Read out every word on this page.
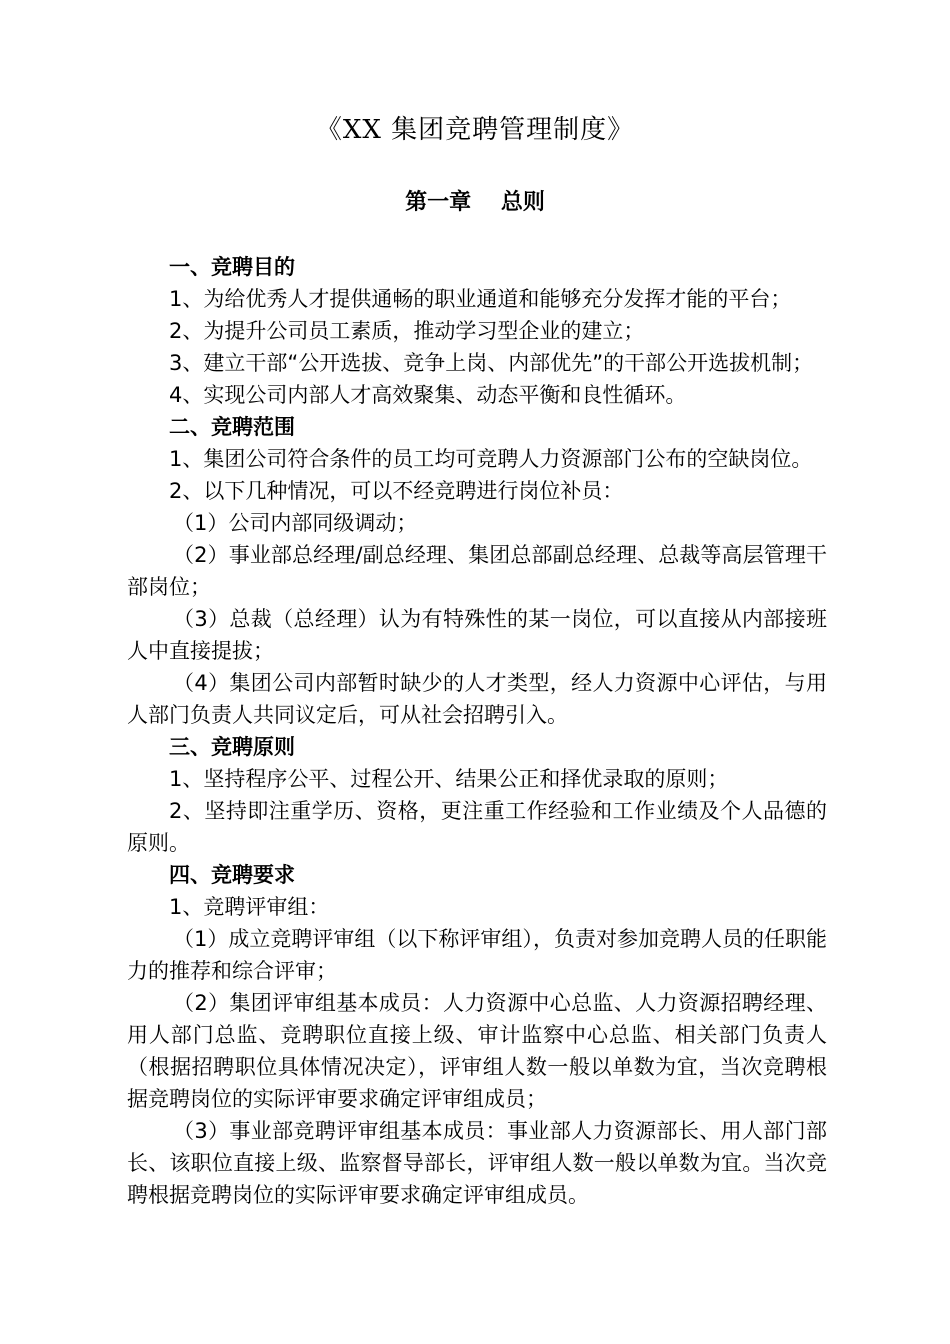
《XX 集团竞聘管理制度》
第一章　 总则
一、竞聘目的
1、为给优秀人才提供通畅的职业通道和能够充分发挥才能的平台；
2、为提升公司员工素质，推动学习型企业的建立；
3、建立干部“公开选拔、竞争上岗、内部优先”的干部公开选拔机制；
4、实现公司内部人才高效聚集、动态平衡和良性循环。
二、竞聘范围
1、集团公司符合条件的员工均可竞聘人力资源部门公布的空缺岗位。
2、以下几种情况，可以不经竞聘进行岗位补员：
（1）公司内部同级调动；
（2）事业部总经理/副总经理、集团总部副总经理、总裁等高层管理干部岗位；
（3）总裁（总经理）认为有特殊性的某一岗位，可以直接从内部接班人中直接提拔；
（4）集团公司内部暂时缺少的人才类型，经人力资源中心评估，与用人部门负责人共同议定后，可从社会招聘引入。
三、竞聘原则
1、坚持程序公平、过程公开、结果公正和择优录取的原则；
2、坚持即注重学历、资格，更注重工作经验和工作业绩及个人品德的原则。
四、竞聘要求
1、竞聘评审组：
（1）成立竞聘评审组（以下称评审组），负责对参加竞聘人员的任职能力的推荐和综合评审；
（2）集团评审组基本成员：人力资源中心总监、人力资源招聘经理、用人部门总监、竞聘职位直接上级、审计监察中心总监、相关部门负责人（根据招聘职位具体情况决定），评审组人数一般以单数为宜，当次竞聘根据竞聘岗位的实际评审要求确定评审组成员；
（3）事业部竞聘评审组基本成员：事业部人力资源部长、用人部门部长、该职位直接上级、监察督导部长，评审组人数一般以单数为宜。当次竞聘根据竞聘岗位的实际评审要求确定评审组成员。
